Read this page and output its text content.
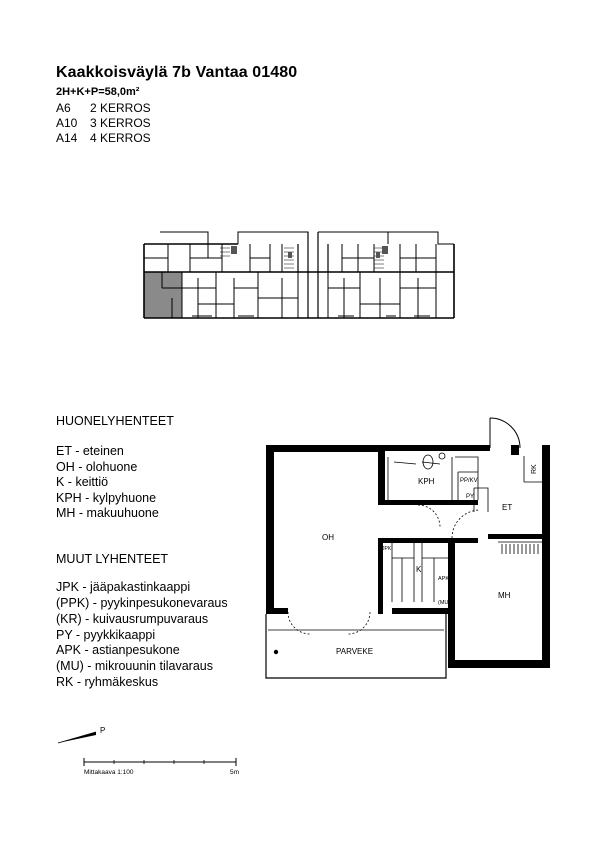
Kaakkoisväylä 7b Vantaa 01480
2H+K+P=58,0m²
A6 2 KERROS
A10 3 KERROS
A14 4 KERROS
HUONELYHENTEET
ET - eteinen
OH - olohuone
K - keittiö
KPH - kylpyhuone
MH - makuuhuone
MUUT LYHENTEET
JPK - jääpakastinkaappi
(PPK) - pyykinpesukonevaraus
(KR) - kuivausrumpuvaraus
PY - pyykkikaappi
APK - astianpesukone
(MU) - mikrouunin tilavaraus
RK - ryhmäkeskus
OH
KPH	PP/KV
PY
ET
RK
K
JPK
APK
(MU
MH
PARVEKE
P
Mittakaava 1:100	5m
